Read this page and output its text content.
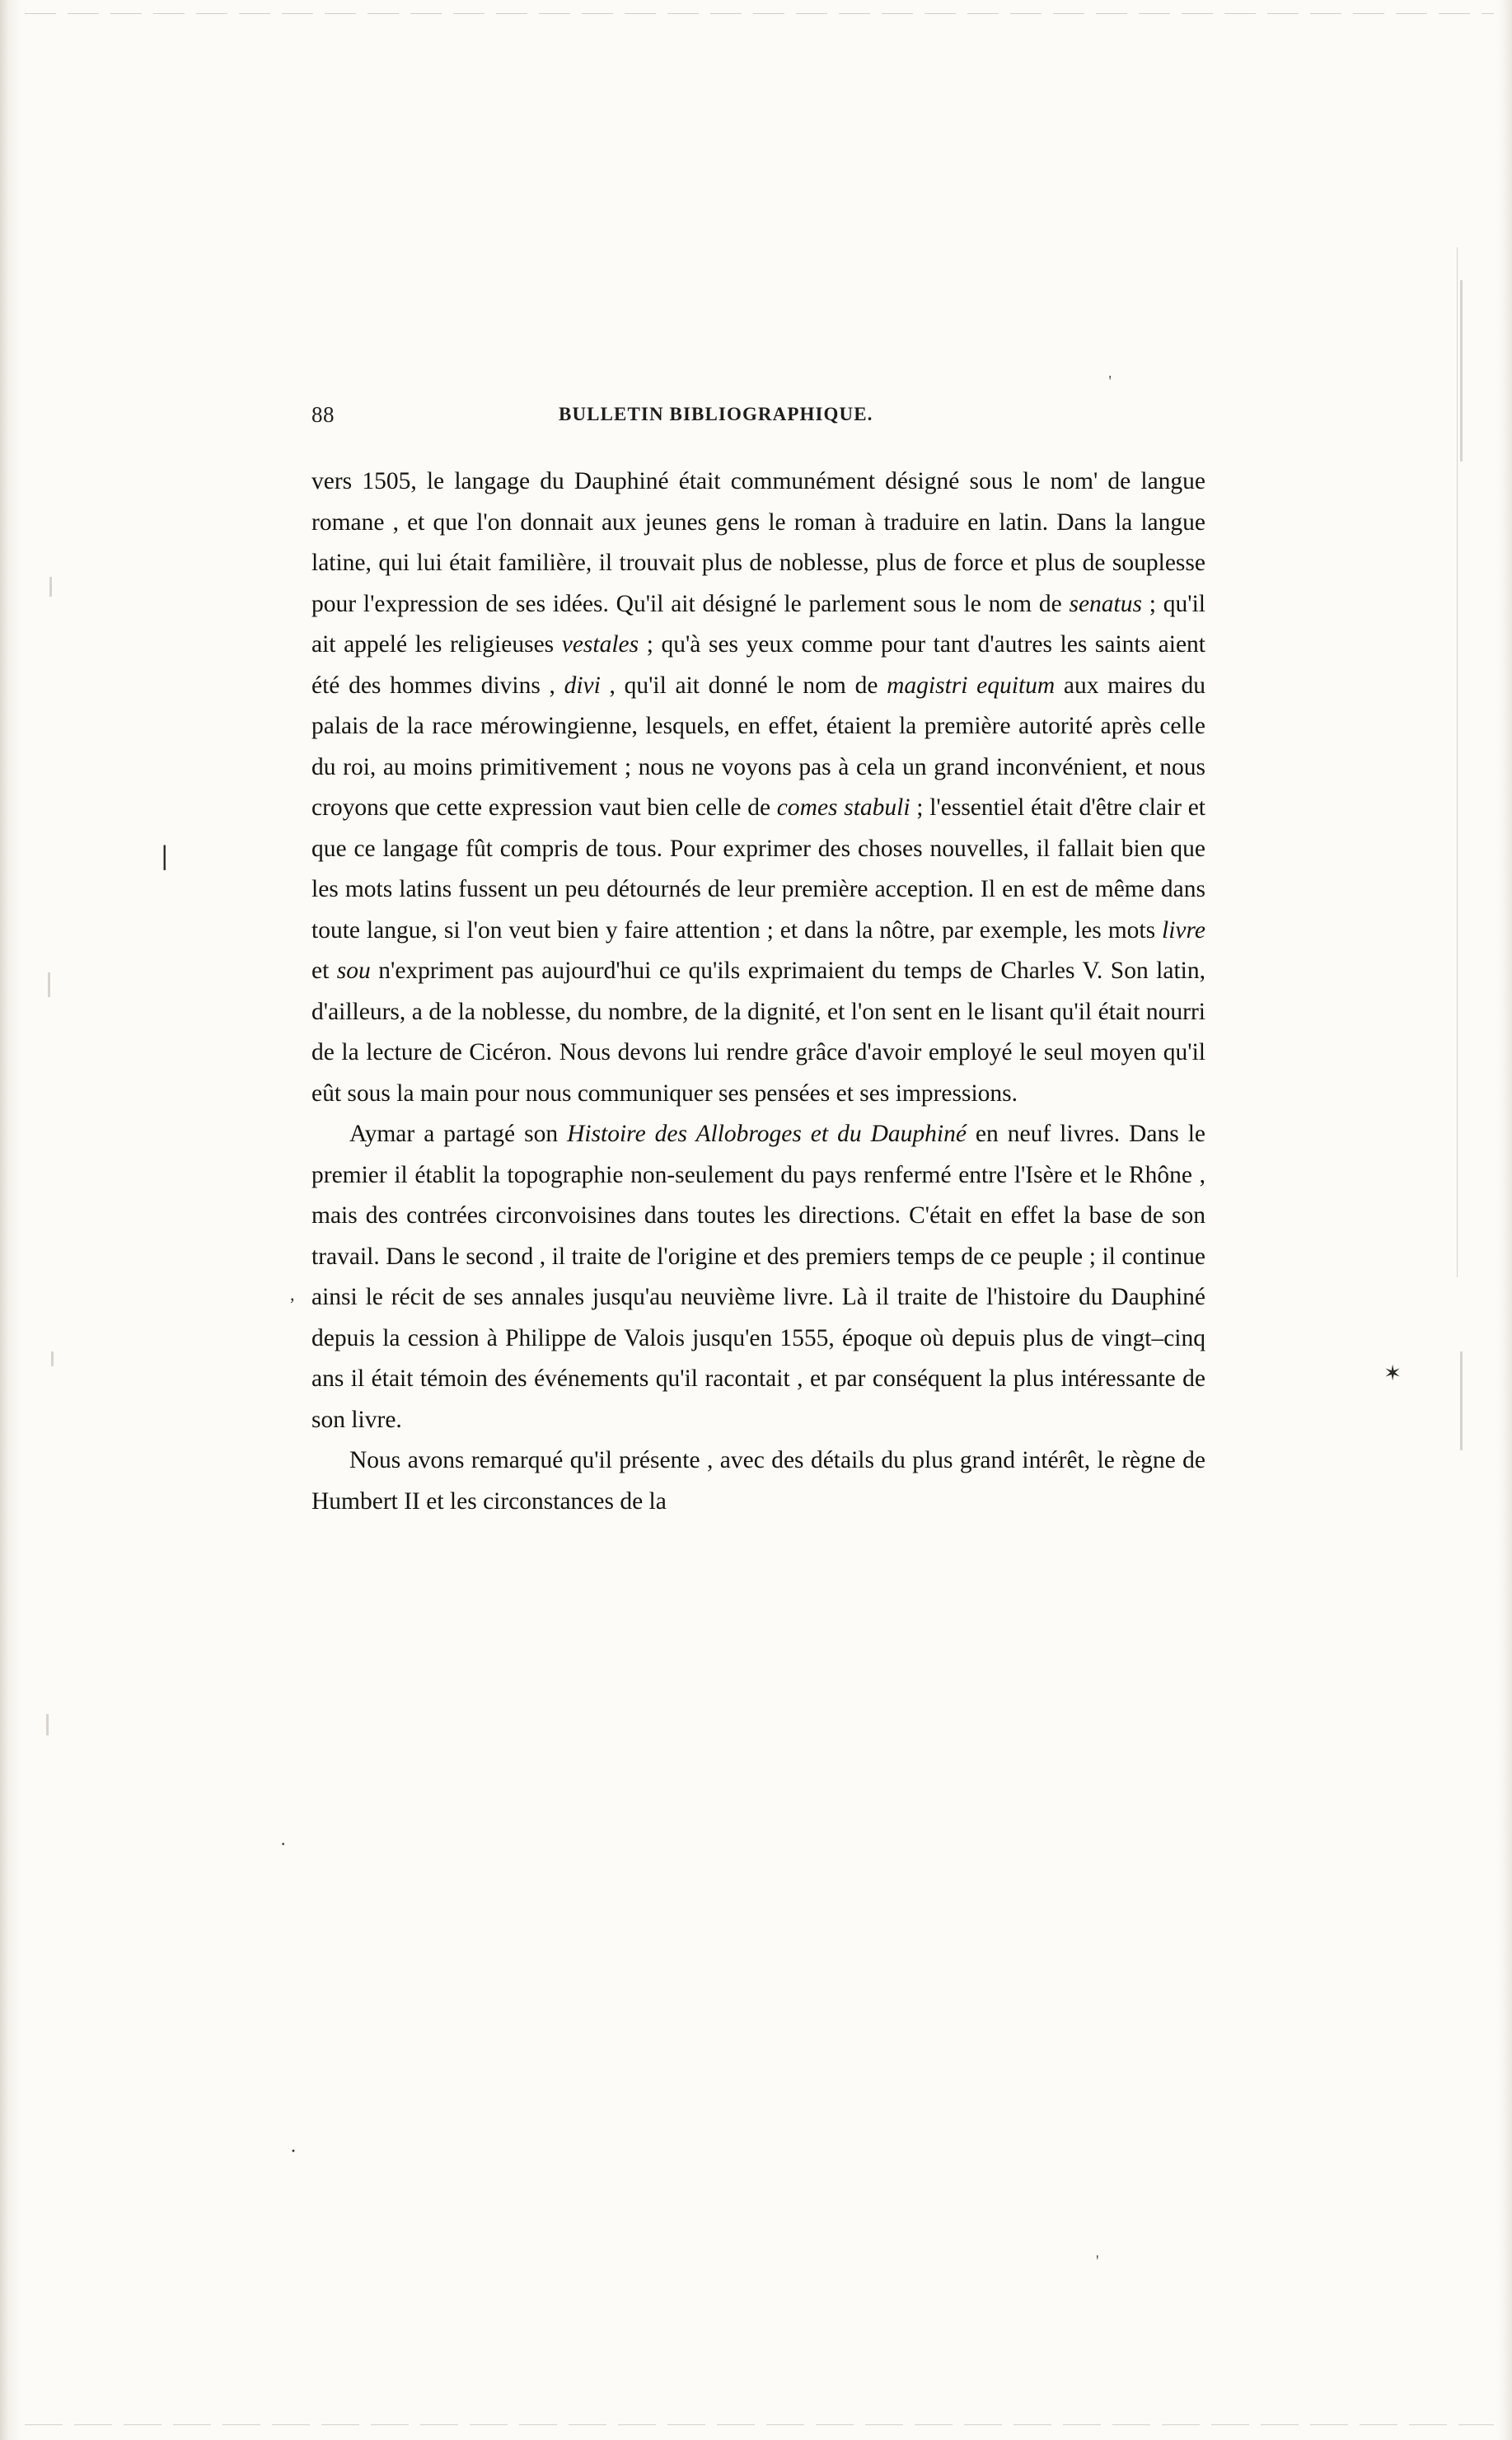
88	BULLETIN BIBLIOGRAPHIQUE.

vers 1505, le langage du Dauphiné était communément désigné sous le nom' de langue romane , et que l'on donnait aux jeunes gens le roman à traduire en latin. Dans la langue latine, qui lui était familière, il trouvait plus de noblesse, plus de force et plus de souplesse pour l'expression de ses idées. Qu'il ait désigné le parlement sous le nom de senatus ; qu'il ait appelé les religieuses vestales ; qu'à ses yeux comme pour tant d'autres les saints aient été des hommes divins , divi , qu'il ait donné le nom de magistri equitum aux maires du palais de la race mérowingienne, lesquels, en effet, étaient la première autorité après celle du roi, au moins primitivement ; nous ne voyons pas à cela un grand inconvénient, et nous croyons que cette expression vaut bien celle de comes stabuli ; l'essentiel était d'être clair et que ce langage fût compris de tous. Pour exprimer des choses nouvelles, il fallait bien que les mots latins fussent un peu détournés de leur première acception. Il en est de même dans toute langue, si l'on veut bien y faire attention ; et dans la nôtre, par exemple, les mots livre et sou n'expriment pas aujourd'hui ce qu'ils exprimaient du temps de Charles V. Son latin, d'ailleurs, a de la noblesse, du nombre, de la dignité, et l'on sent en le lisant qu'il était nourri de la lecture de Cicéron. Nous devons lui rendre grâce d'avoir employé le seul moyen qu'il eût sous la main pour nous communiquer ses pensées et ses impressions.

Aymar a partagé son Histoire des Allobroges et du Dauphiné en neuf livres. Dans le premier il établit la topographie non-seulement du pays renfermé entre l'Isère et le Rhône , mais des contrées circonvoisines dans toutes les directions. C'était en effet la base de son travail. Dans le second , il traite de l'origine et des premiers temps de ce peuple ; il continue ainsi le récit de ses annales jusqu'au neuvième livre. Là il traite de l'histoire du Dauphiné depuis la cession à Philippe de Valois jusqu'en 1555, époque où depuis plus de vingt–cinq ans il était témoin des événements qu'il racontait , et par conséquent la plus intéressante de son livre.

Nous avons remarqué qu'il présente , avec des détails du plus grand intérêt, le règne de Humbert II et les circonstances de la

|
✶
·
·
,
'
'
